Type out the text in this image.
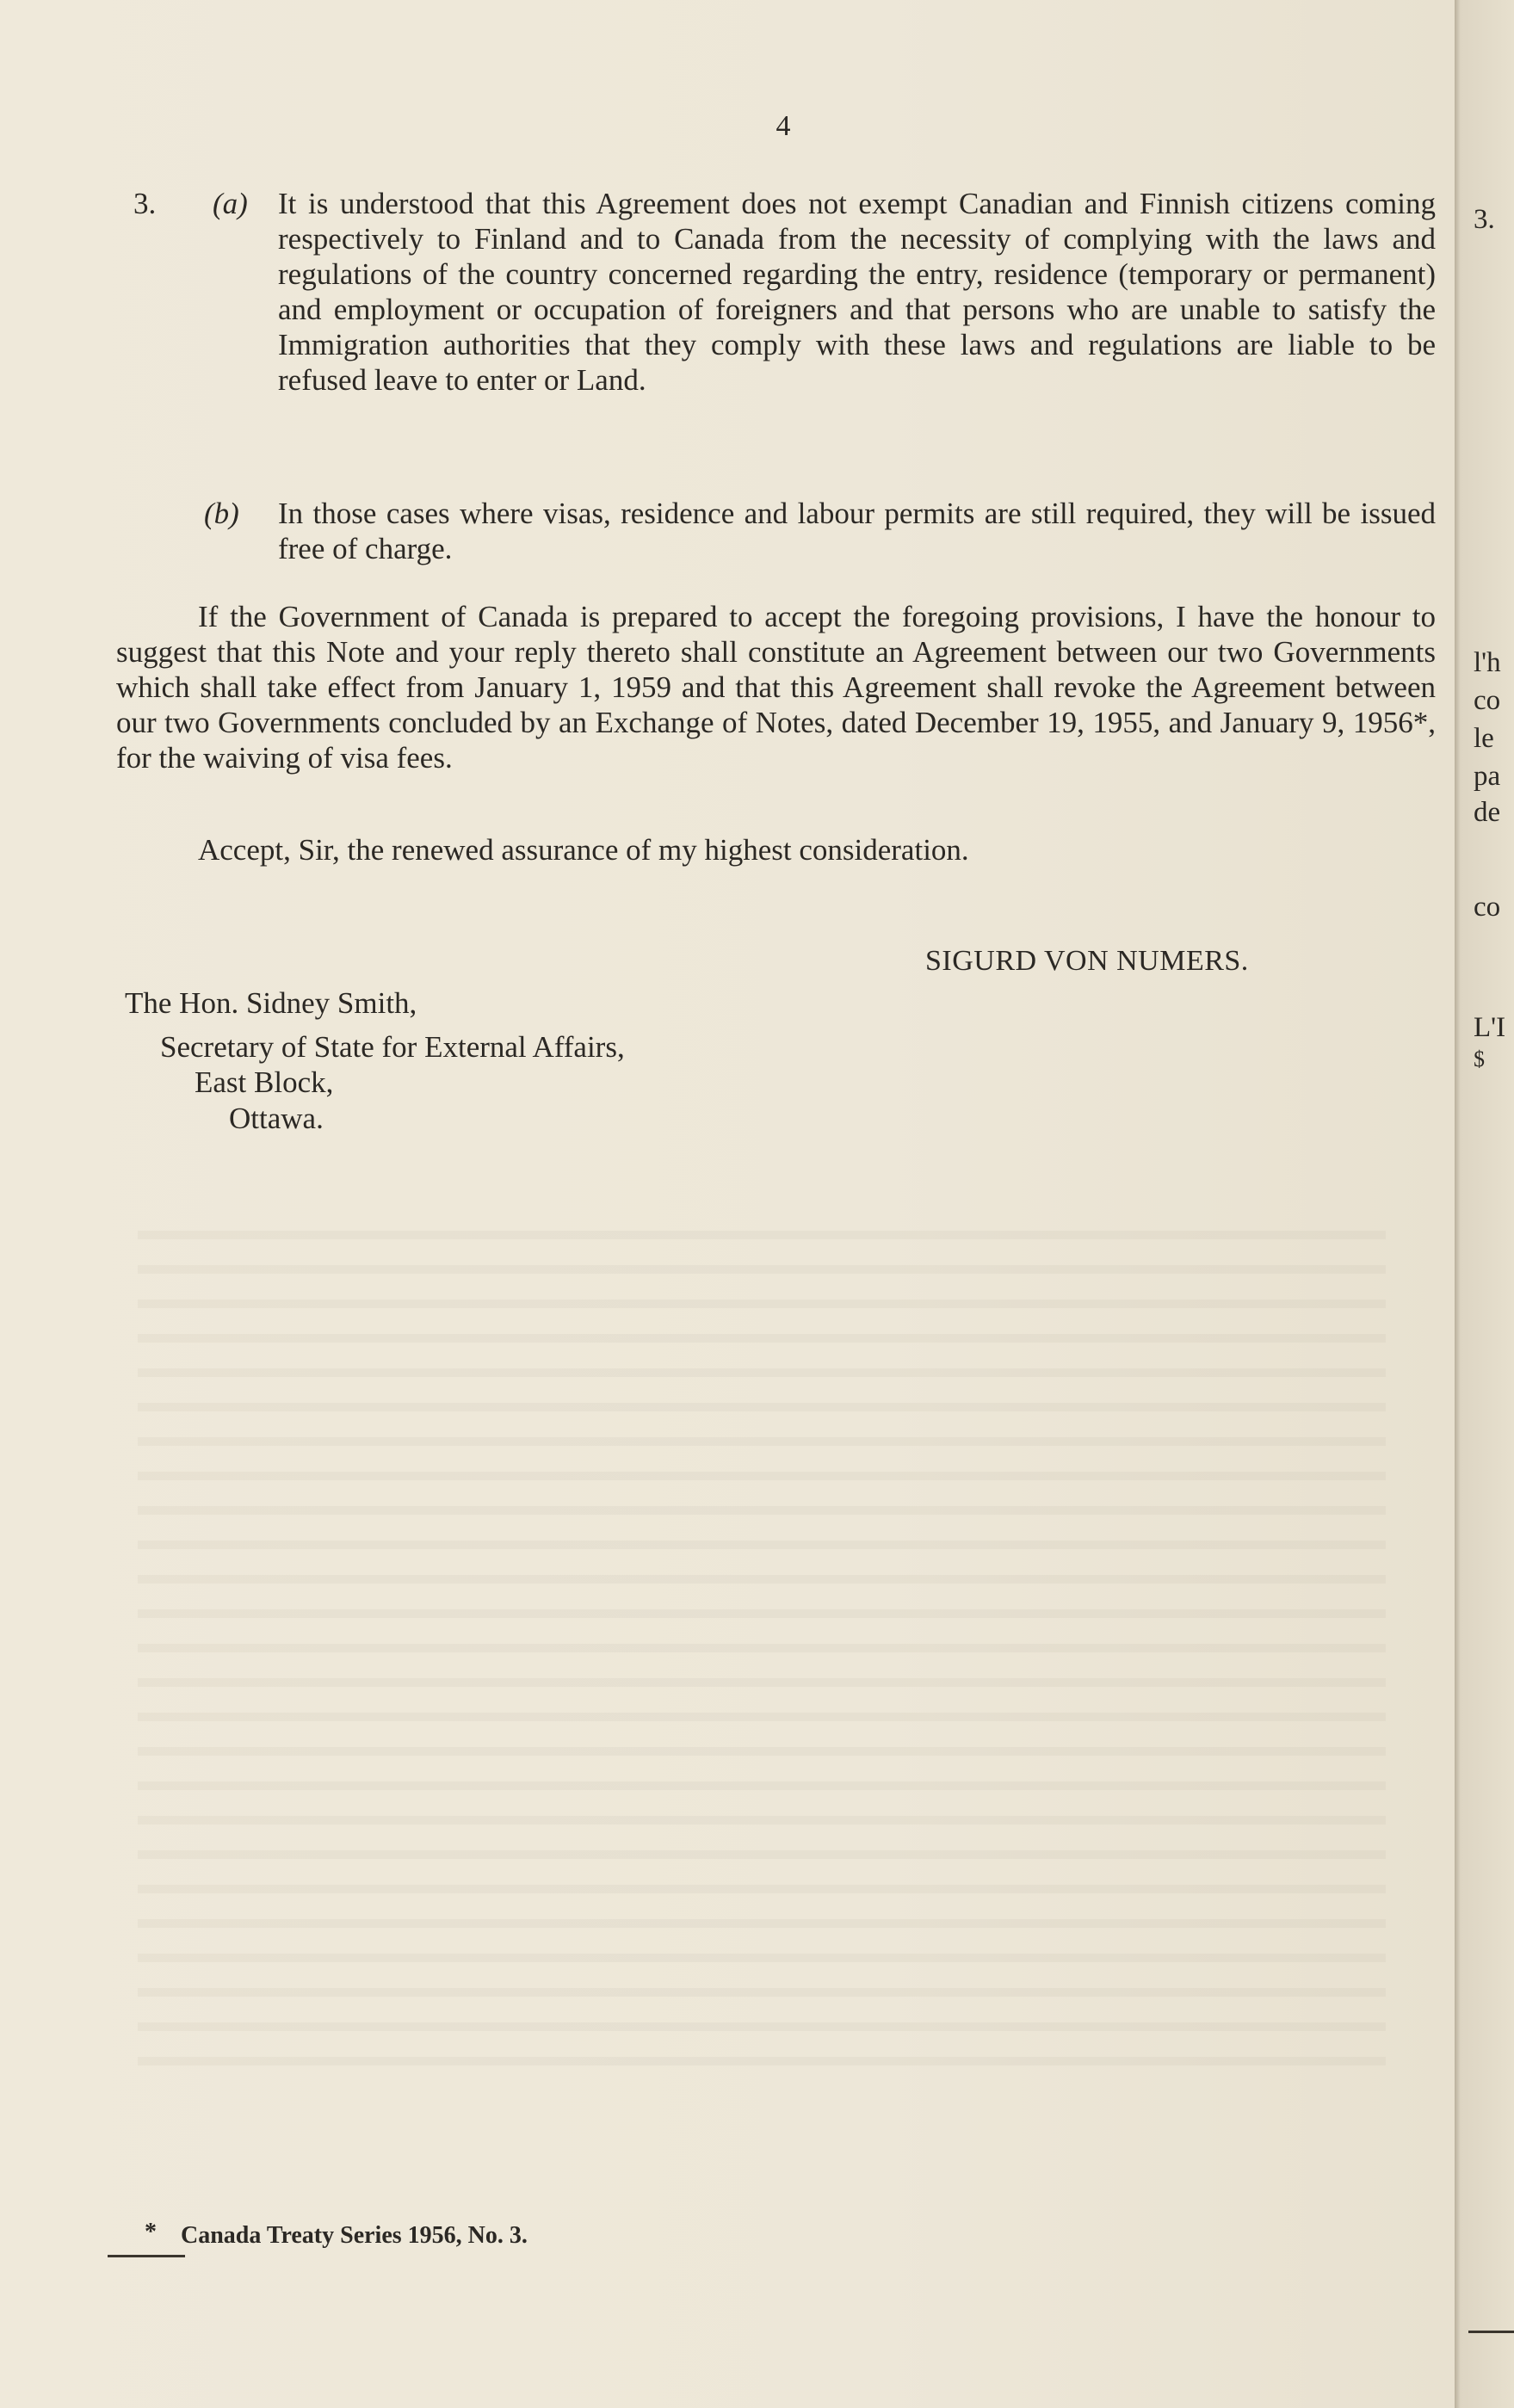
4
3. (a) It is understood that this Agreement does not exempt Canadian and Finnish citizens coming respectively to Finland and to Canada from the necessity of complying with the laws and regulations of the country concerned regarding the entry, residence (temporary or permanent) and employment or occupation of foreigners and that persons who are unable to satisfy the Immigration authorities that they comply with these laws and regulations are liable to be refused leave to enter or Land.
(b) In those cases where visas, residence and labour permits are still required, they will be issued free of charge.
If the Government of Canada is prepared to accept the foregoing provisions, I have the honour to suggest that this Note and your reply thereto shall constitute an Agreement between our two Governments which shall take effect from January 1, 1959 and that this Agreement shall revoke the Agreement between our two Governments concluded by an Exchange of Notes, dated December 19, 1955, and January 9, 1956*, for the waiving of visa fees.
Accept, Sir, the renewed assurance of my highest consideration.
SIGURD VON NUMERS.
The Hon. Sidney Smith,
Secretary of State for External Affairs,
East Block,
Ottawa.
* Canada Treaty Series 1956, No. 3.
3.
l'h
co
le
pa
de
co
L'I
$
